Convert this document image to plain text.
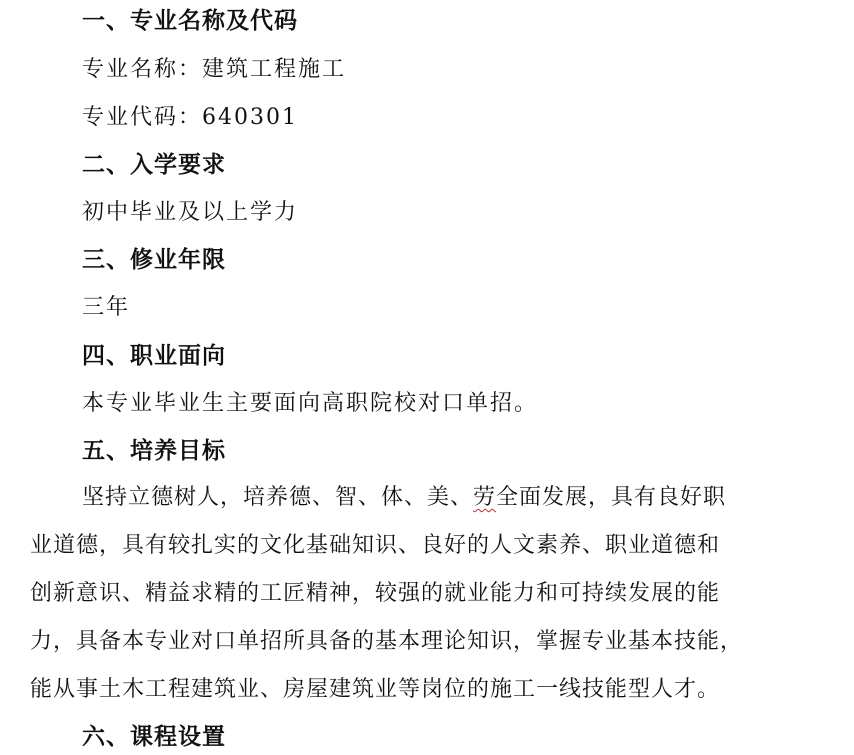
一、专业名称及代码
专业名称：建筑工程施工
专业代码：640301
二、入学要求
初中毕业及以上学力
三、修业年限
三年
四、职业面向
本专业毕业生主要面向高职院校对口单招。
五、培养目标
坚持立德树人，培养德、智、体、美、劳全面发展，具有良好职
业道德，具有较扎实的文化基础知识、良好的人文素养、职业道德和
创新意识、精益求精的工匠精神，较强的就业能力和可持续发展的能
力，具备本专业对口单招所具备的基本理论知识，掌握专业基本技能，
能从事土木工程建筑业、房屋建筑业等岗位的施工一线技能型人才。
六、课程设置
